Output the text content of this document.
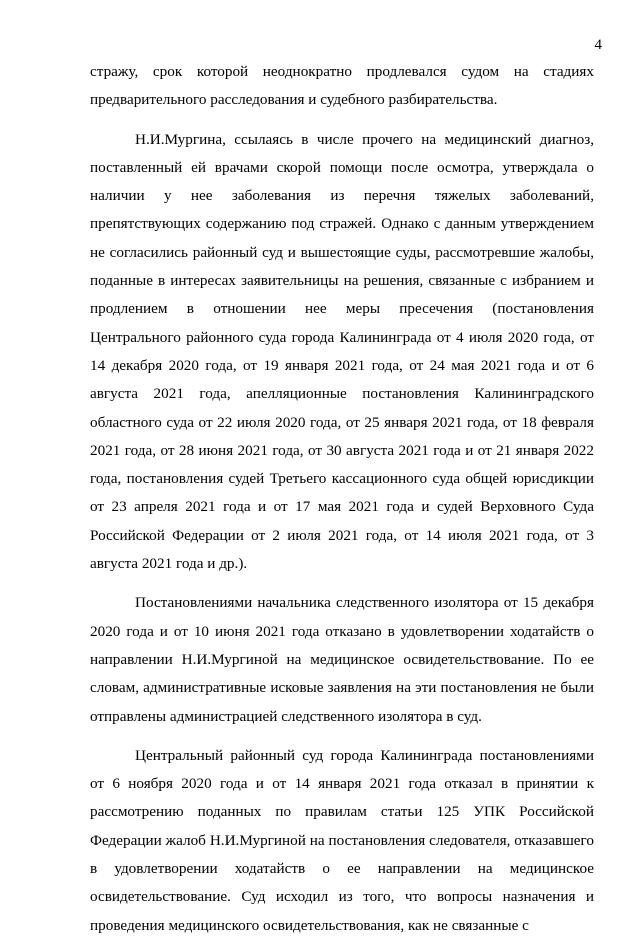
4

стражу, срок которой неоднократно продлевался судом на стадиях предварительного расследования и судебного разбирательства.

Н.И.Мургина, ссылаясь в числе прочего на медицинский диагноз, поставленный ей врачами скорой помощи после осмотра, утверждала о наличии у нее заболевания из перечня тяжелых заболеваний, препятствующих содержанию под стражей. Однако с данным утверждением не согласились районный суд и вышестоящие суды, рассмотревшие жалобы, поданные в интересах заявительницы на решения, связанные с избранием и продлением в отношении нее меры пресечения (постановления Центрального районного суда города Калининграда от 4 июля 2020 года, от 14 декабря 2020 года, от 19 января 2021 года, от 24 мая 2021 года и от 6 августа 2021 года, апелляционные постановления Калининградского областного суда от 22 июля 2020 года, от 25 января 2021 года, от 18 февраля 2021 года, от 28 июня 2021 года, от 30 августа 2021 года и от 21 января 2022 года, постановления судей Третьего кассационного суда общей юрисдикции от 23 апреля 2021 года и от 17 мая 2021 года и судей Верховного Суда Российской Федерации от 2 июля 2021 года, от 14 июля 2021 года, от 3 августа 2021 года и др.).

Постановлениями начальника следственного изолятора от 15 декабря 2020 года и от 10 июня 2021 года отказано в удовлетворении ходатайств о направлении Н.И.Мургиной на медицинское освидетельствование. По ее словам, административные исковые заявления на эти постановления не были отправлены администрацией следственного изолятора в суд.

Центральный районный суд города Калининграда постановлениями от 6 ноября 2020 года и от 14 января 2021 года отказал в принятии к рассмотрению поданных по правилам статьи 125 УПК Российской Федерации жалоб Н.И.Мургиной на постановления следователя, отказавшего в удовлетворении ходатайств о ее направлении на медицинское освидетельствование. Суд исходил из того, что вопросы назначения и проведения медицинского освидетельствования, как не связанные с
